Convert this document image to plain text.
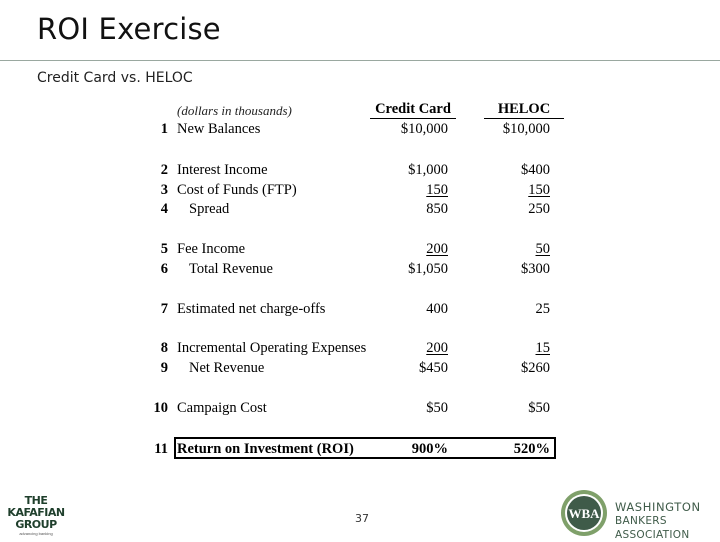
ROI Exercise
Credit Card vs. HELOC
(dollars in thousands)	Credit Card	HELOC
1 New Balances	$10,000	$10,000
2 Interest Income	$1,000	$400
3 Cost of Funds (FTP)	150	150
4 Spread	850	250
5 Fee Income	200	50
6 Total Revenue	$1,050	$300
7 Estimated net charge-offs	400	25
8 Incremental Operating Expenses	200	15
9 Net Revenue	$450	$260
10 Campaign Cost	$50	$50
11 Return on Investment (ROI)	900%	520%
37
THE
KAFAFIAN
GROUP
advancing banking
WBA WASHINGTON
BANKERS ASSOCIATION
